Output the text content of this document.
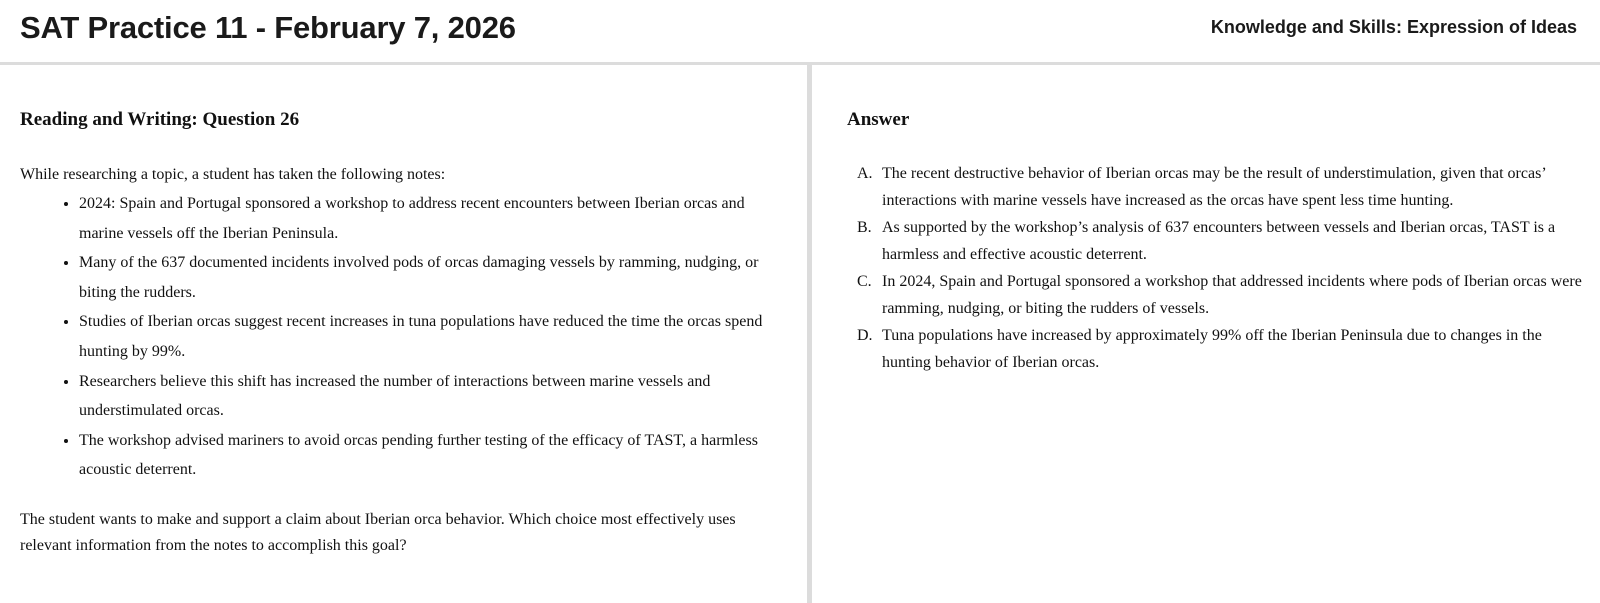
SAT Practice 11 - February 7, 2026	Knowledge and Skills: Expression of Ideas
Reading and Writing: Question 26

While researching a topic, a student has taken the following notes:

• 2024: Spain and Portugal sponsored a workshop to address recent encounters between Iberian orcas and marine vessels off the Iberian Peninsula.
• Many of the 637 documented incidents involved pods of orcas damaging vessels by ramming, nudging, or biting the rudders.
• Studies of Iberian orcas suggest recent increases in tuna populations have reduced the time the orcas spend hunting by 99%.
• Researchers believe this shift has increased the number of interactions between marine vessels and understimulated orcas.
• The workshop advised mariners to avoid orcas pending further testing of the efficacy of TAST, a harmless acoustic deterrent.

The student wants to make and support a claim about Iberian orca behavior. Which choice most effectively uses relevant information from the notes to accomplish this goal?

Answer
A. The recent destructive behavior of Iberian orcas may be the result of understimulation, given that orcas’ interactions with marine vessels have increased as the orcas have spent less time hunting.
B. As supported by the workshop’s analysis of 637 encounters between vessels and Iberian orcas, TAST is a harmless and effective acoustic deterrent.
C. In 2024, Spain and Portugal sponsored a workshop that addressed incidents where pods of Iberian orcas were ramming, nudging, or biting the rudders of vessels.
D. Tuna populations have increased by approximately 99% off the Iberian Peninsula due to changes in the hunting behavior of Iberian orcas.
